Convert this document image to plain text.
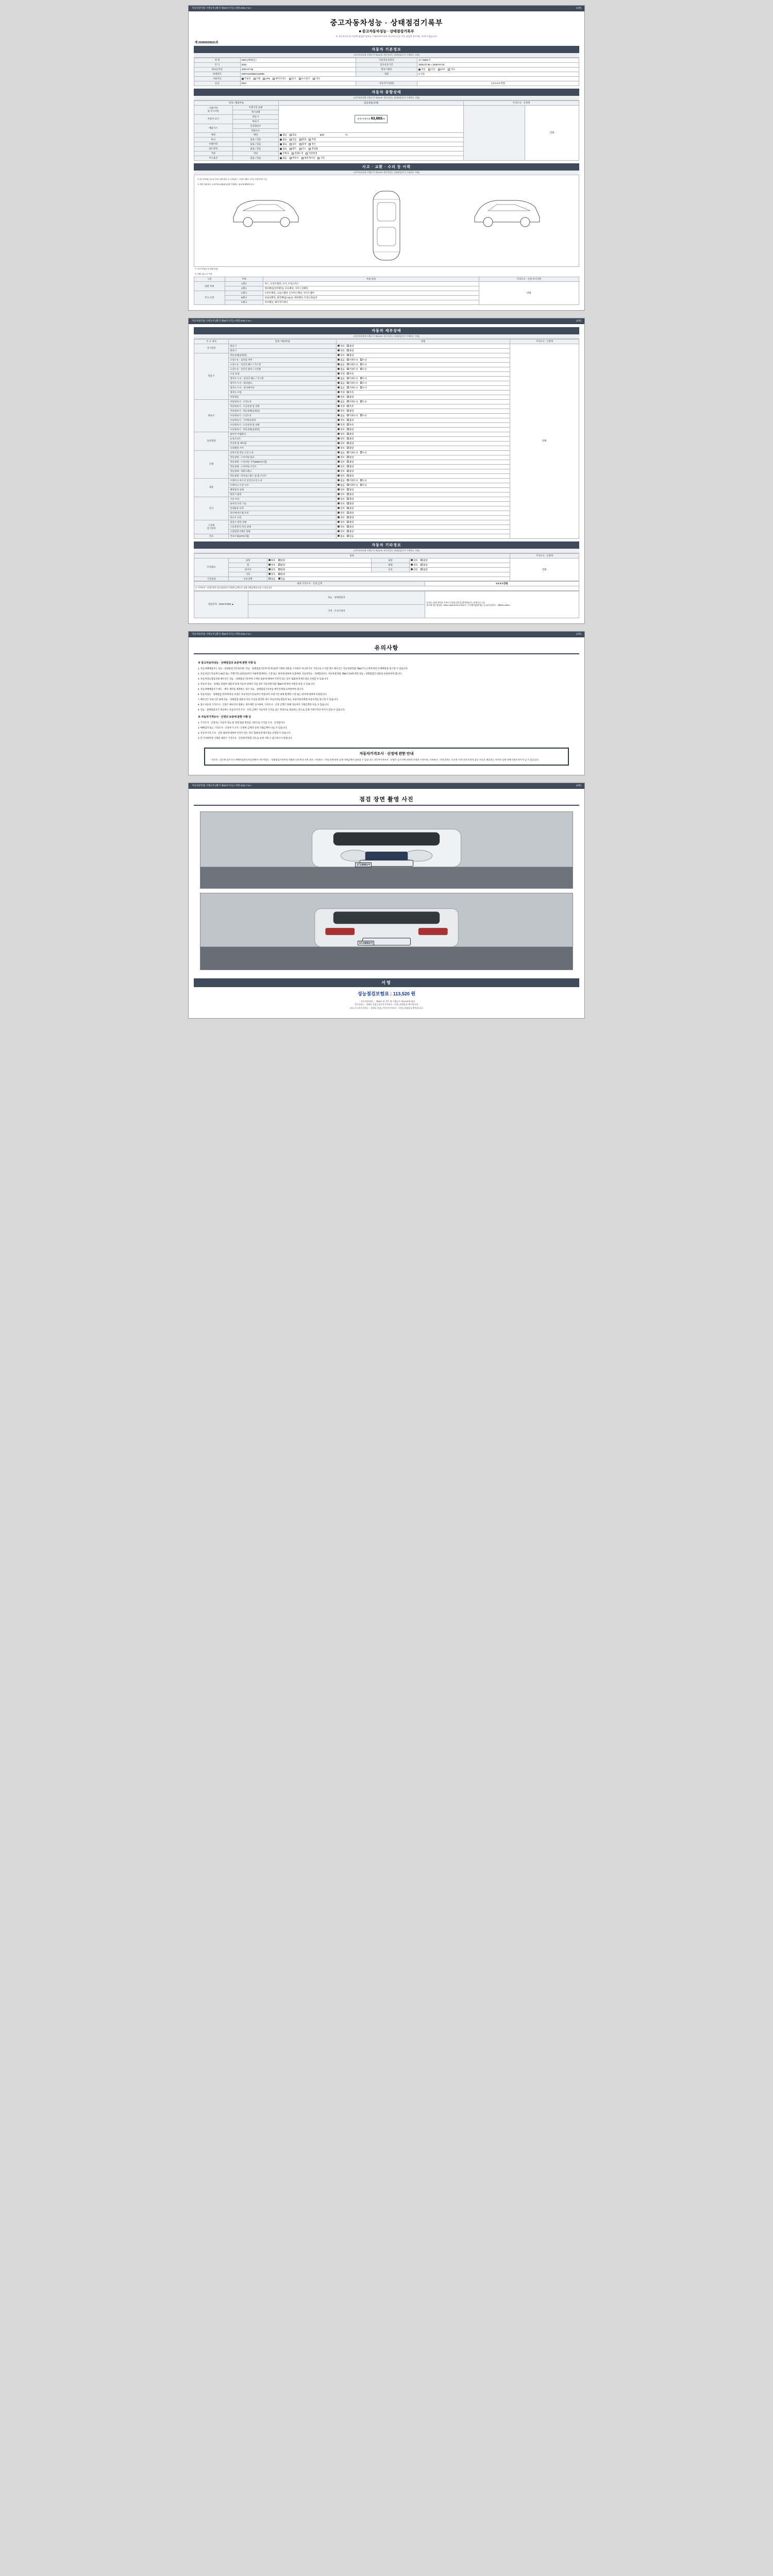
자동차관리법 시행규칙 [별지 제82호서식] <개정 2021.7.6.>	(1쪽)
중고자동차성능 · 상태점검기록부
■ 중고자동차성능 · 상태점검기록부
※ 자동차인도일 이전에 점검한 결과를 기재하여야 하며 자동차인도일 이후 점검한 경우에는 효력이 없습니다.
제 20260029221호
자동차 기본정보
(자동차관리법 시행규칙 제120조 자동차성능·상태점검자가 기재하는 사항)
차 명	G90 (4세대급 )	자동차등록번호	17고8361서
연 식	2022	검사유효기간	2025-07-05 ~ 2026-07-04
최초등록일	2022-07-05	변속기종류	자동 수동 CVT 기타
차대번호	KMTA61DDBLI113698	정원	5 인승
사용연료	가솔린 디젤 LPG 하이브리드 전기 수소전기 기타		
등급	DGA	자동차가격(원)	0 0 0 0 0 만원
자동차 종합상태
(자동차관리법 시행규칙 제120조 자동차성능·상태점검자가 기재하는 사항)
항목 / 해당부품		점검내용(상태)	가격조사 · 산정액	
사용이력
및 특기사항	주행거리 상태	현재 주행거리 63,683km		만원
	계기상태			
자동차 표기	원동기			
	변속기			
배출가스	일산화탄소			
	탄화수소			
매연	매연	없음 있음 ppm %		
튜닝	없음 / 있음	없음 있음 불법 적법		
특별이력	없음 / 있음	없음 침수 화재 전손		
용도변경	없음 / 있음	없음 렌트 리스 영업용		
색상	색상	무변속 전체도색 색상변경		
주요옵션	없음 / 있음	없음 썬루프 내비게이션 기타		
사고 · 교환 · 수리 등 이력
(자동차관리법 시행규칙 제120조 자동차성능·상태점검자가 기재하는 사항)
※ (사고이력) 사고로 인한 교환·판금 등 수리(후드, 프런트 펜더, 도어, 트렁크리드 등)
※ 하단 일람표는 수리여부(교환/판금)를 기재하는 위치에 해당합니다.
※ 사고이력(사고/교환/수리)
※ 교환, 판금 등 이력
구분	부위	부품 명칭	가격조사 · 산정 특기사항
외판 부위	1랭크	후드, 프런트펜더, 도어, 트렁크리드	만원
	2랭크	쿼터패널(리어펜더), 루프패널, 사이드실패널	
주요 골격	A랭크	프런트패널, 크로스멤버, 인사이드패널, 사이드멤버	
	B랭크	플로어패널, 필러패널(A,B,C), 대쉬패널, 트렁크플로어	
	C랭크	리어패널, 패키지트레이	
자동차관리법 시행규칙 [별지 제82호서식] <개정 2021.7.6.>	(2쪽)
자동차 세부상태
(자동차관리법 시행규칙 제120조 자동차성능·상태점검자가 기재하는 사항)
주 요 장치	항목 / 해당부품	상태	가격조사 · 산정액
자기진단	원동기	양호 불량	만원
	변속기	양호 불량	
원동기	작동상태(공회전)	양호 불량	
	오일누유 - 로커암 커버	없음 미세누유 누유	
	오일누유 - 실린더 헤드 / 가스켓	없음 미세누유 누유	
	오일누유 - 실린더 블록 / 오일팬	없음 미세누유 누유	
	오일 유량	적정 부족	
	냉각수 누수 - 실린더 헤드 / 가스켓	없음 미세누수 누수	
	냉각수 누수 - 워터펌프	없음 미세누수 누수	
	냉각수 누수 - 라디에이터	없음 미세누수 누수	
	냉각수 수량	적정 부족	
	커먼레일	양호 불량	
변속기	자동변속기 - 오일누유	없음 미세누유 누유	
	자동변속기 - 오일유량 및 상태	적정 부족	
	자동변속기 - 작동상태(공회전)	양호 불량	
	수동변속기 - 오일누유	없음 미세누유 누유	
	수동변속기 - 기어변속장치	양호 불량	
	수동변속기 - 오일유량 및 상태	적정 부족	
	수동변속기 - 작동상태(공회전)	양호 불량	
동력전달	클러치 어셈블리	양호 불량	
	등속조인트	양호 불량	
	추진축 및 베어링	양호 불량	
	디퍼렌셜 기어	양호 불량	
조향	동력조향 작동 오일 누유	없음 미세누유 누유	
	작동상태 - 스티어링 펌프	양호 불량	
	작동상태 - 스티어링 기어(MDPS포함)	양호 불량	
	작동상태 - 스티어링 조인트	양호 불량	
	작동상태 - 파워크랭크	양호 불량	
	작동상태 - 타이로드엔드 및 볼 조인트	양호 불량	
제동	브레이크 마스터 실린더오일 누유	없음 미세누유 누유	
	브레이크 오일 누유	없음 미세누유 누유	
	배력장치 상태	양호 불량	
	발전기 출력	양호 불량	
전기	시동 모터	양호 불량	
	와이퍼 모터 기능	양호 불량	
	실내송풍 모터	양호 불량	
	라디에이터 팬 모터	양호 불량	
	윈도우 모터	양호 불량	
고전원
전기장치	충전구 절연 상태	양호 불량	
	구동축전지 격리 상태	양호 불량	
	고전원전기배선 상태	양호 불량	
연료	연료누출(LPG포함)	없음 있음	
자동차 기타정보
(자동차관리법 시행규칙 제120조 자동차성능·상태점검자가 기재하는 사항)
항목					가격조사 · 산정액
수리필요	외장	양호 불량	내장	양호 불량	만원
	휠	양호 불량	광택	양호 불량	
	타이어	양호 불량	유리	양호 불량	
	기타	양호 불량			
기본품목	보유상태	없음 있음			
최종 가격조사 · 산정 금액	0 0 0 0 만원
※ 가격조사 · 산정가격은 성능점검자가 산정한 금액으로 실제 거래금액과 다를 수 있습니다.
점검일자 : 1933-07008 ▲	성능 · 상태점검자	위 성능 점검 항목의 기록이 사실과 같음을 확인합니다. (서명 또는 인)
상호명 성능점검장 : 9002-1364·0276-0·대표자 : 주식회사(법인명), 신고(등록)번호 : 제8282·2005-1
가격 · 조사산정자
자동차관리법 시행규칙 [별지 제82호서식] <개정 2021.7.6.>	(4쪽)
유의사항
※ 중고자동차성능 · 상태점검의 보증에 관한 사항 등

1. 자동차매매업자는 성능 · 상태점검기록부(이하 "성능 · 상태점검기록부"라 한다)에 기재된 내용을 고지하지 아니하거나 거짓으로 고지할 경우 매수인은 자동차관리법 제58조의 규정에 따라 손해배상을 청구할 수 있습니다.

2. 자동차인도일로부터 30일 또는 주행거리 2천킬로미터 이내에 발생하는 고장 또는 하자에 대하여 보증하며, 자동차성능 · 상태점검자는 자동차관리법 제58조의4에 따라 성능 · 상태점검의 내용을 보증하여야 합니다.

3. 자동차성능점검자와 매수인은 성능 · 상태점검기록부에 기재된 내용에 대하여 이견이 있는 경우 협회에 분쟁조정을 신청할 수 있습니다.

4. 자동차 성능 · 상태를 점검한 내용과 실제 자동차 상태가 다를 경우 자동차관리법 제58조에 따라 처벌을 받을 수 있습니다.

5. 자동차매매업자가 매도 · 매수 계약을 체결하는 경우 성능 · 상태점검기록부를 매수인에게 교부하여야 합니다.

6. 자동차성능 · 상태점검 결과에 따른 보증은 자동차인도일로부터 적용되며, 보증기간 내에 발생한 고장 또는 하자에 대하여 보증합니다.

7. 매수인은 보증기간 내에 성능 · 상태점검 내용과 다른 사실을 발견한 경우 자동차성능점검자 또는 보증사업자에게 보증수리를 청구할 수 있습니다.

8. 중고자동차 가격조사 · 산정은 매수인이 원하는 경우에만 실시하며, 가격조사 · 산정 금액은 당해 자동차의 거래금액과 다를 수 있습니다.

9. 성능 · 상태점검자가 제공하는 자동차가격 조사 · 산정 금액은 자동차의 가치를 참고 목적으로 제공하는 것으로 실제 거래가격과 차이가 있을 수 있습니다.

※ 자동차가격조사 · 산정의 보증에 관한 사항 등

1. 가격조사 · 산정자는 자동차 성능 및 상태 점검 결과를 기준으로 가격을 조사 · 산정합니다.

2. 매매업자 또는 가격조사 · 산정자가 조사 · 산정한 금액과 실제 거래금액이 다를 수 있습니다.

3. 자동차가격 조사 · 산정 내용에 대하여 이견이 있는 경우 협회에 분쟁조정을 신청할 수 있습니다.

4. 특기사항란에 기재된 내용은 가격조사 · 산정에 반영된 것으로 실제 거래 시 참고하시기 바랍니다.

자동차가격조사 · 산정에 관한 안내
「자동차 · 성능판 실시기가 매매사업자등록증권에서 자동차성능 · 상태점검기록부의 내용과 다르게 표기된 경우, 가격조사 · 산정 등에 따라 실제 거래금액이 달라질 수 있습니다. 자동차가격조사 · 산정은 실시기에 의하여 산정한 가격이며, 가격조사 · 산정 결과는 중고차 가격 안내 목적의 참고 자료로 제공되는 것이며 실제 구매가격과 차이가 날 수 있습니다.
자동차관리법 시행규칙 [별지 제82호서식] <개정 2021.7.6.>	(5쪽)
점검 장면 촬영 사진
17고8361서
17고8361서
서명
성능점검보험료 : 113,520 원
「 자동차관리법 」 제58조 및 같은 법 시행규칙 제120조에 따라
자동차성능 · 상태를 점검 [ 자동차가격조사 · 산정 ] 하였음을 확인합니다.
[ ▼ ] 중고자동차성능 · 상태를 점검 [ 자동차가격조사 · 산정 ] 하였음을 확인합니다.
